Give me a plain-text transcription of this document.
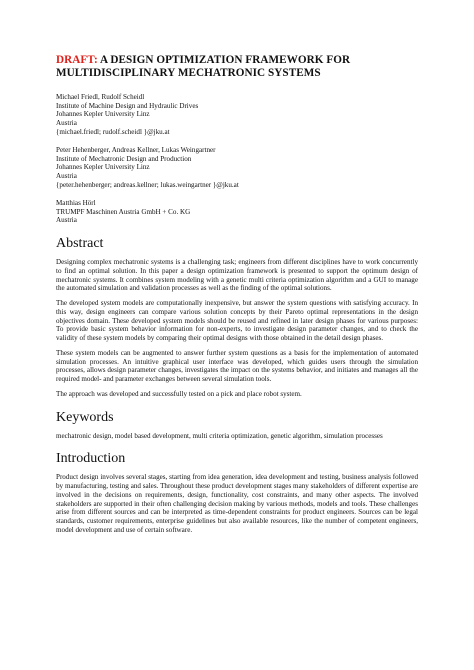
DRAFT: A DESIGN OPTIMIZATION FRAMEWORK FOR
MULTIDISCIPLINARY MECHATRONIC SYSTEMS
Michael Friedl, Rudolf Scheidl
Institute of Machine Design and Hydraulic Drives
Johannes Kepler University Linz
Austria
{michael.friedl; rudolf.scheidl }@jku.at
Peter Hehenberger, Andreas Kellner, Lukas Weingartner
Institute of Mechatronic Design and Production
Johannes Kepler University Linz
Austria
{peter.hehenberger; andreas.kellner; lukas.weingartner }@jku.at
Matthias Hörl
TRUMPF Maschinen Austria GmbH + Co. KG
Austria
Abstract

Designing complex mechatronic systems is a challenging task; engineers from different disciplines have to work concurrently to find an optimal solution. In this paper a design optimization framework is presented to support the optimum design of mechatronic systems. It combines system modeling with a genetic multi criteria optimization algorithm and a GUI to manage the automated simulation and validation processes as well as the finding of the optimal solutions.

The developed system models are computationally inexpensive, but answer the system questions with satisfying accuracy. In this way, design engineers can compare various solution concepts by their Pareto optimal representations in the design objectives domain. These developed system models should be reused and refined in later design phases for various purposes: To provide basic system behavior information for non-experts, to investigate design parameter changes, and to check the validity of these system models by comparing their optimal designs with those obtained in the detail design phases.

These system models can be augmented to answer further system questions as a basis for the implementation of automated simulation processes. An intuitive graphical user interface was developed, which guides users through the simulation processes, allows design parameter changes, investigates the impact on the systems behavior, and initiates and manages all the required model- and parameter exchanges between several simulation tools.

The approach was developed and successfully tested on a pick and place robot system.

Keywords

mechatronic design, model based development, multi criteria optimization, genetic algorithm, simulation processes

Introduction

Product design involves several stages, starting from idea generation, idea development and testing, business analysis followed by manufacturing, testing and sales. Throughout these product development stages many stakeholders of different expertise are involved in the decisions on requirements, design, functionality, cost constraints, and many other aspects. The involved stakeholders are supported in their often challenging decision making by various methods, models and tools. These challenges arise from different sources and can be interpreted as time-dependent constraints for product engineers. Sources can be legal standards, customer requirements, enterprise guidelines but also available resources, like the number of competent engineers, model development and use of certain software.
